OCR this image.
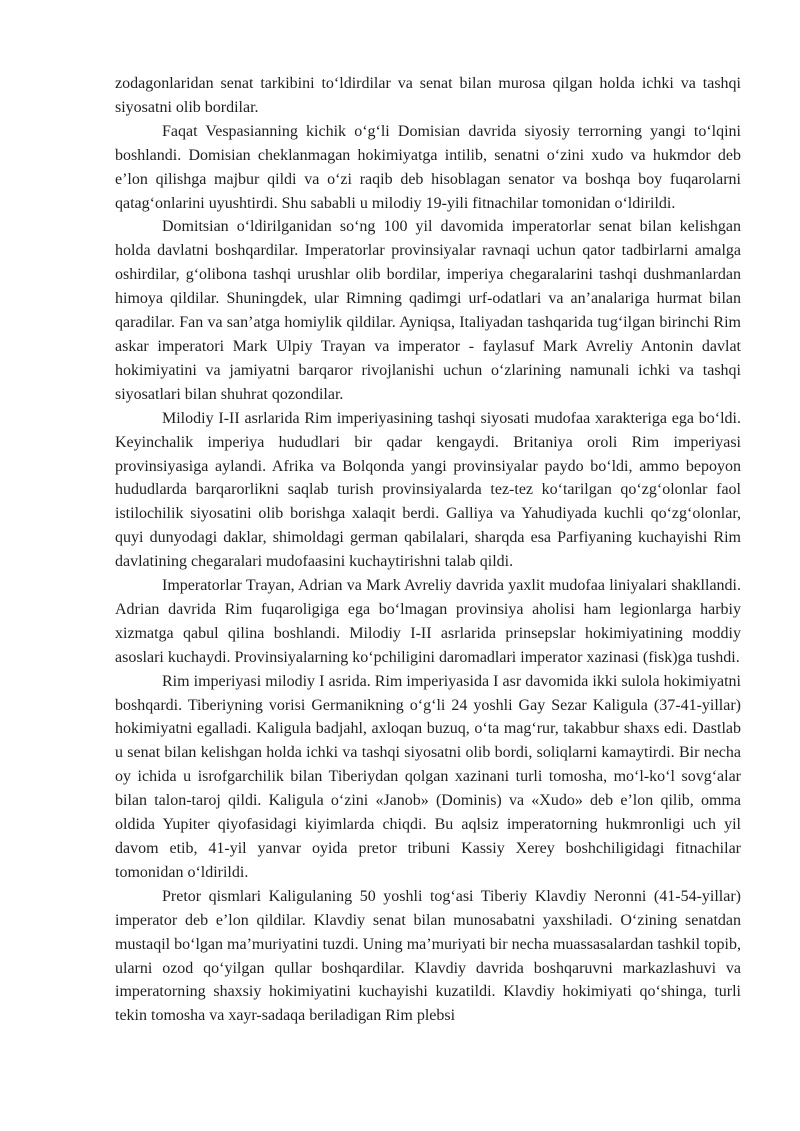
zodagonlaridan senat tarkibini to‘ldirdilar va senat bilan murosa qilgan holda ichki va tashqi siyosatni olib bordilar.

Faqat Vespasianning kichik o‘g‘li Domisian davrida siyosiy terrorning yangi to‘lqini boshlandi. Domisian cheklanmagan hokimiyatga intilib, senatni o‘zini xudo va hukmdor deb e’lon qilishga majbur qildi va o‘zi raqib deb hisoblagan senator va boshqa boy fuqarolarni qatag‘onlarini uyushtirdi. Shu sababli u milodiy 19-yili fitnachilar tomonidan o‘ldirildi.

Domitsian o‘ldirilganidan so‘ng 100 yil davomida imperatorlar senat bilan kelishgan holda davlatni boshqardilar. Imperatorlar provinsiyalar ravnaqi uchun qator tadbirlarni amalga oshirdilar, g‘olibona tashqi urushlar olib bordilar, imperiya chegaralarini tashqi dushmanlardan himoya qildilar. Shuningdek, ular Rimning qadimgi urf-odatlari va an’analariga hurmat bilan qaradilar. Fan va san’atga homiylik qildilar. Ayniqsa, Italiyadan tashqarida tug‘ilgan birinchi Rim askar imperatori Mark Ulpiy Trayan va imperator - faylasuf Mark Avreliy Antonin davlat hokimiyatini va jamiyatni barqaror rivojlanishi uchun o‘zlarining namunali ichki va tashqi siyosatlari bilan shuhrat qozondilar.

Milodiy I-II asrlarida Rim imperiyasining tashqi siyosati mudofaa xarakteriga ega bo‘ldi. Keyinchalik imperiya hududlari bir qadar kengaydi. Britaniya oroli Rim imperiyasi provinsiyasiga aylandi. Afrika va Bolqonda yangi provinsiyalar paydo bo‘ldi, ammo bepoyon hududlarda barqarorlikni saqlab turish provinsiyalarda tez-tez ko‘tarilgan qo‘zg‘olonlar faol istilochilik siyosatini olib borishga xalaqit berdi. Galliya va Yahudiyada kuchli qo‘zg‘olonlar, quyi dunyodagi daklar, shimoldagi german qabilalari, sharqda esa Parfiyaning kuchayishi Rim davlatining chegaralari mudofaasini kuchaytirishni talab qildi.

Imperatorlar Trayan, Adrian va Mark Avreliy davrida yaxlit mudofaa liniyalari shakllandi. Adrian davrida Rim fuqaroligiga ega bo‘lmagan provinsiya aholisi ham legionlarga harbiy xizmatga qabul qilina boshlandi. Milodiy I-II asrlarida prinsepslar hokimiyatining moddiy asoslari kuchaydi. Provinsiyalarning ko‘pchiligini daromadlari imperator xazinasi (fisk)ga tushdi.

Rim imperiyasi milodiy I asrida. Rim imperiyasida I asr davomida ikki sulola hokimiyatni boshqardi. Tiberiyning vorisi Germanikning o‘g‘li 24 yoshli Gay Sezar Kaligula (37-41-yillar) hokimiyatni egalladi. Kaligula badjahl, axloqan buzuq, o‘ta mag‘rur, takabbur shaxs edi. Dastlab u senat bilan kelishgan holda ichki va tashqi siyosatni olib bordi, soliqlarni kamaytirdi. Bir necha oy ichida u isrofgarchilik bilan Tiberiydan qolgan xazinani turli tomosha, mo‘l-ko‘l sovg‘alar bilan talon-taroj qildi. Kaligula o‘zini «Janob» (Dominis) va «Xudo» deb e’lon qilib, omma oldida Yupiter qiyofasidagi kiyimlarda chiqdi. Bu aqlsiz imperatorning hukmronligi uch yil davom etib, 41-yil yanvar oyida pretor tribuni Kassiy Xerey boshchiligidagi fitnachilar tomonidan o‘ldirildi.

Pretor qismlari Kaligulaning 50 yoshli tog‘asi Tiberiy Klavdiy Neronni (41-54-yillar) imperator deb e’lon qildilar. Klavdiy senat bilan munosabatni yaxshiladi. O‘zining senatdan mustaqil bo‘lgan ma’muriyatini tuzdi. Uning ma’muriyati bir necha muassasalardan tashkil topib, ularni ozod qo‘yilgan qullar boshqardilar. Klavdiy davrida boshqaruvni markazlashuvi va imperatorning shaxsiy hokimiyatini kuchayishi kuzatildi. Klavdiy hokimiyati qo‘shinga, turli tekin tomosha va xayr-sadaqa beriladigan Rim plebsi
